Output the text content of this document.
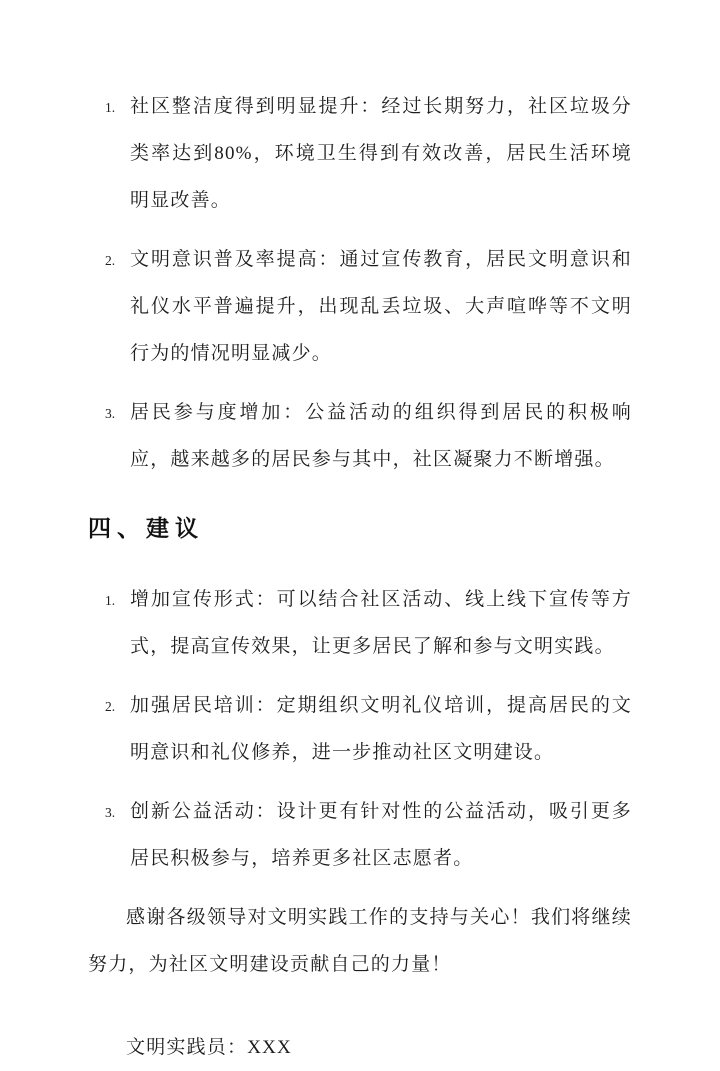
1. 社区整洁度得到明显提升：经过长期努力，社区垃圾分类率达到80%，环境卫生得到有效改善，居民生活环境明显改善。
2. 文明意识普及率提高：通过宣传教育，居民文明意识和礼仪水平普遍提升，出现乱丢垃圾、大声喧哗等不文明行为的情况明显减少。
3. 居民参与度增加：公益活动的组织得到居民的积极响应，越来越多的居民参与其中，社区凝聚力不断增强。
四、建议
1. 增加宣传形式：可以结合社区活动、线上线下宣传等方式，提高宣传效果，让更多居民了解和参与文明实践。
2. 加强居民培训：定期组织文明礼仪培训，提高居民的文明意识和礼仪修养，进一步推动社区文明建设。
3. 创新公益活动：设计更有针对性的公益活动，吸引更多居民积极参与，培养更多社区志愿者。

感谢各级领导对文明实践工作的支持与关心！我们将继续努力，为社区文明建设贡献自己的力量！

文明实践员：XXX
